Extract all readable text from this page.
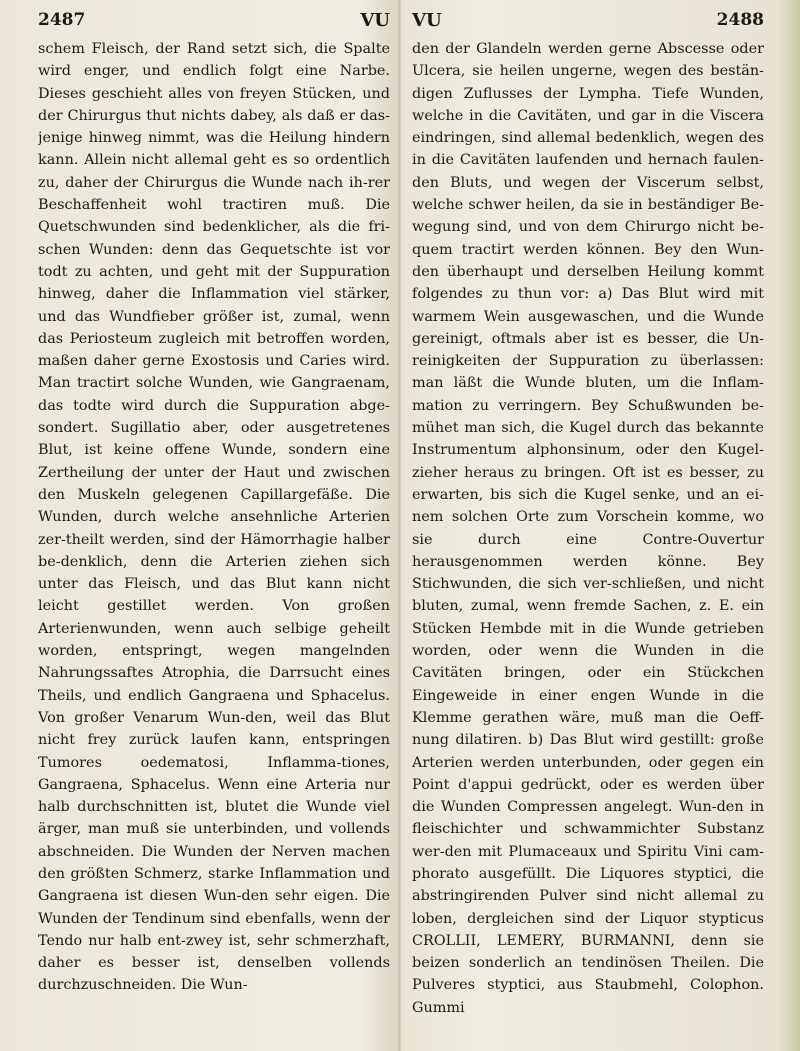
2487	VU

schem Fleisch, der Rand setzt sich, die Spalte wird enger, und endlich folgt eine Narbe. Dieses geschieht alles von freyen Stücken, und der Chirurgus thut nichts dabey, als daß er das-jenige hinweg nimmt, was die Heilung hindern kann. Allein nicht allemal geht es so ordentlich zu, daher der Chirurgus die Wunde nach ih-rer Beschaffenheit wohl tractiren muß. Die Quetschwunden sind bedenklicher, als die fri-schen Wunden: denn das Gequetschte ist vor todt zu achten, und geht mit der Suppuration hinweg, daher die Inflammation viel stärker, und das Wundfieber größer ist, zumal, wenn das Periosteum zugleich mit betroffen worden, maßen daher gerne Exostosis und Caries wird. Man tractirt solche Wunden, wie Gangraenam, das todte wird durch die Suppuration abge-sondert. Sugillatio aber, oder ausgetretenes Blut, ist keine offene Wunde, sondern eine Zertheilung der unter der Haut und zwischen den Muskeln gelegenen Capillargefäße. Die Wunden, durch welche ansehnliche Arterien zer-theilt werden, sind der Hämorrhagie halber be-denklich, denn die Arterien ziehen sich unter das Fleisch, und das Blut kann nicht leicht gestillet werden. Von großen Arterienwunden, wenn auch selbige geheilt worden, entspringt, wegen mangelnden Nahrungssaftes Atrophia, die Darrsucht eines Theils, und endlich Gangraena und Sphacelus. Von großer Venarum Wun-den, weil das Blut nicht frey zurück laufen kann, entspringen Tumores oedematosi, Inflamma-tiones, Gangraena, Sphacelus. Wenn eine Arteria nur halb durchschnitten ist, blutet die Wunde viel ärger, man muß sie unterbinden, und vollends abschneiden. Die Wunden der Nerven machen den größten Schmerz, starke Inflammation und Gangraena ist diesen Wun-den sehr eigen. Die Wunden der Tendinum sind ebenfalls, wenn der Tendo nur halb ent-zwey ist, sehr schmerzhaft, daher es besser ist, denselben vollends durchzuschneiden. Die Wun-

VU	2488

den der Glandeln werden gerne Abscesse oder Ulcera, sie heilen ungerne, wegen des bestän-digen Zuflusses der Lympha. Tiefe Wunden, welche in die Cavitäten, und gar in die Viscera eindringen, sind allemal bedenklich, wegen des in die Cavitäten laufenden und hernach faulen-den Bluts, und wegen der Viscerum selbst, welche schwer heilen, da sie in beständiger Be-wegung sind, und von dem Chirurgo nicht be-quem tractirt werden können. Bey den Wun-den überhaupt und derselben Heilung kommt folgendes zu thun vor: a) Das Blut wird mit warmem Wein ausgewaschen, und die Wunde gereinigt, oftmals aber ist es besser, die Un-reinigkeiten der Suppuration zu überlassen: man läßt die Wunde bluten, um die Inflam-mation zu verringern. Bey Schußwunden be-mühet man sich, die Kugel durch das bekannte Instrumentum alphonsinum, oder den Kugel-zieher heraus zu bringen. Oft ist es besser, zu erwarten, bis sich die Kugel senke, und an ei-nem solchen Orte zum Vorschein komme, wo sie durch eine Contre-Ouvertur herausgenommen werden könne. Bey Stichwunden, die sich ver-schließen, und nicht bluten, zumal, wenn fremde Sachen, z. E. ein Stücken Hembde mit in die Wunde getrieben worden, oder wenn die Wunden in die Cavitäten bringen, oder ein Stückchen Eingeweide in einer engen Wunde in die Klemme gerathen wäre, muß man die Oeff-nung dilatiren. b) Das Blut wird gestillt: große Arterien werden unterbunden, oder gegen ein Point d'appui gedrückt, oder es werden über die Wunden Compressen angelegt. Wun-den in fleischichter und schwammichter Substanz wer-den mit Plumaceaux und Spiritu Vini cam-phorato ausgefüllt. Die Liquores styptici, die abstringirenden Pulver sind nicht allemal zu loben, dergleichen sind der Liquor stypticus CROLLII, LEMERY, BURMANNI, denn sie beizen sonderlich an tendinösen Theilen. Die Pulveres styptici, aus Staubmehl, Colophon. Gummi
